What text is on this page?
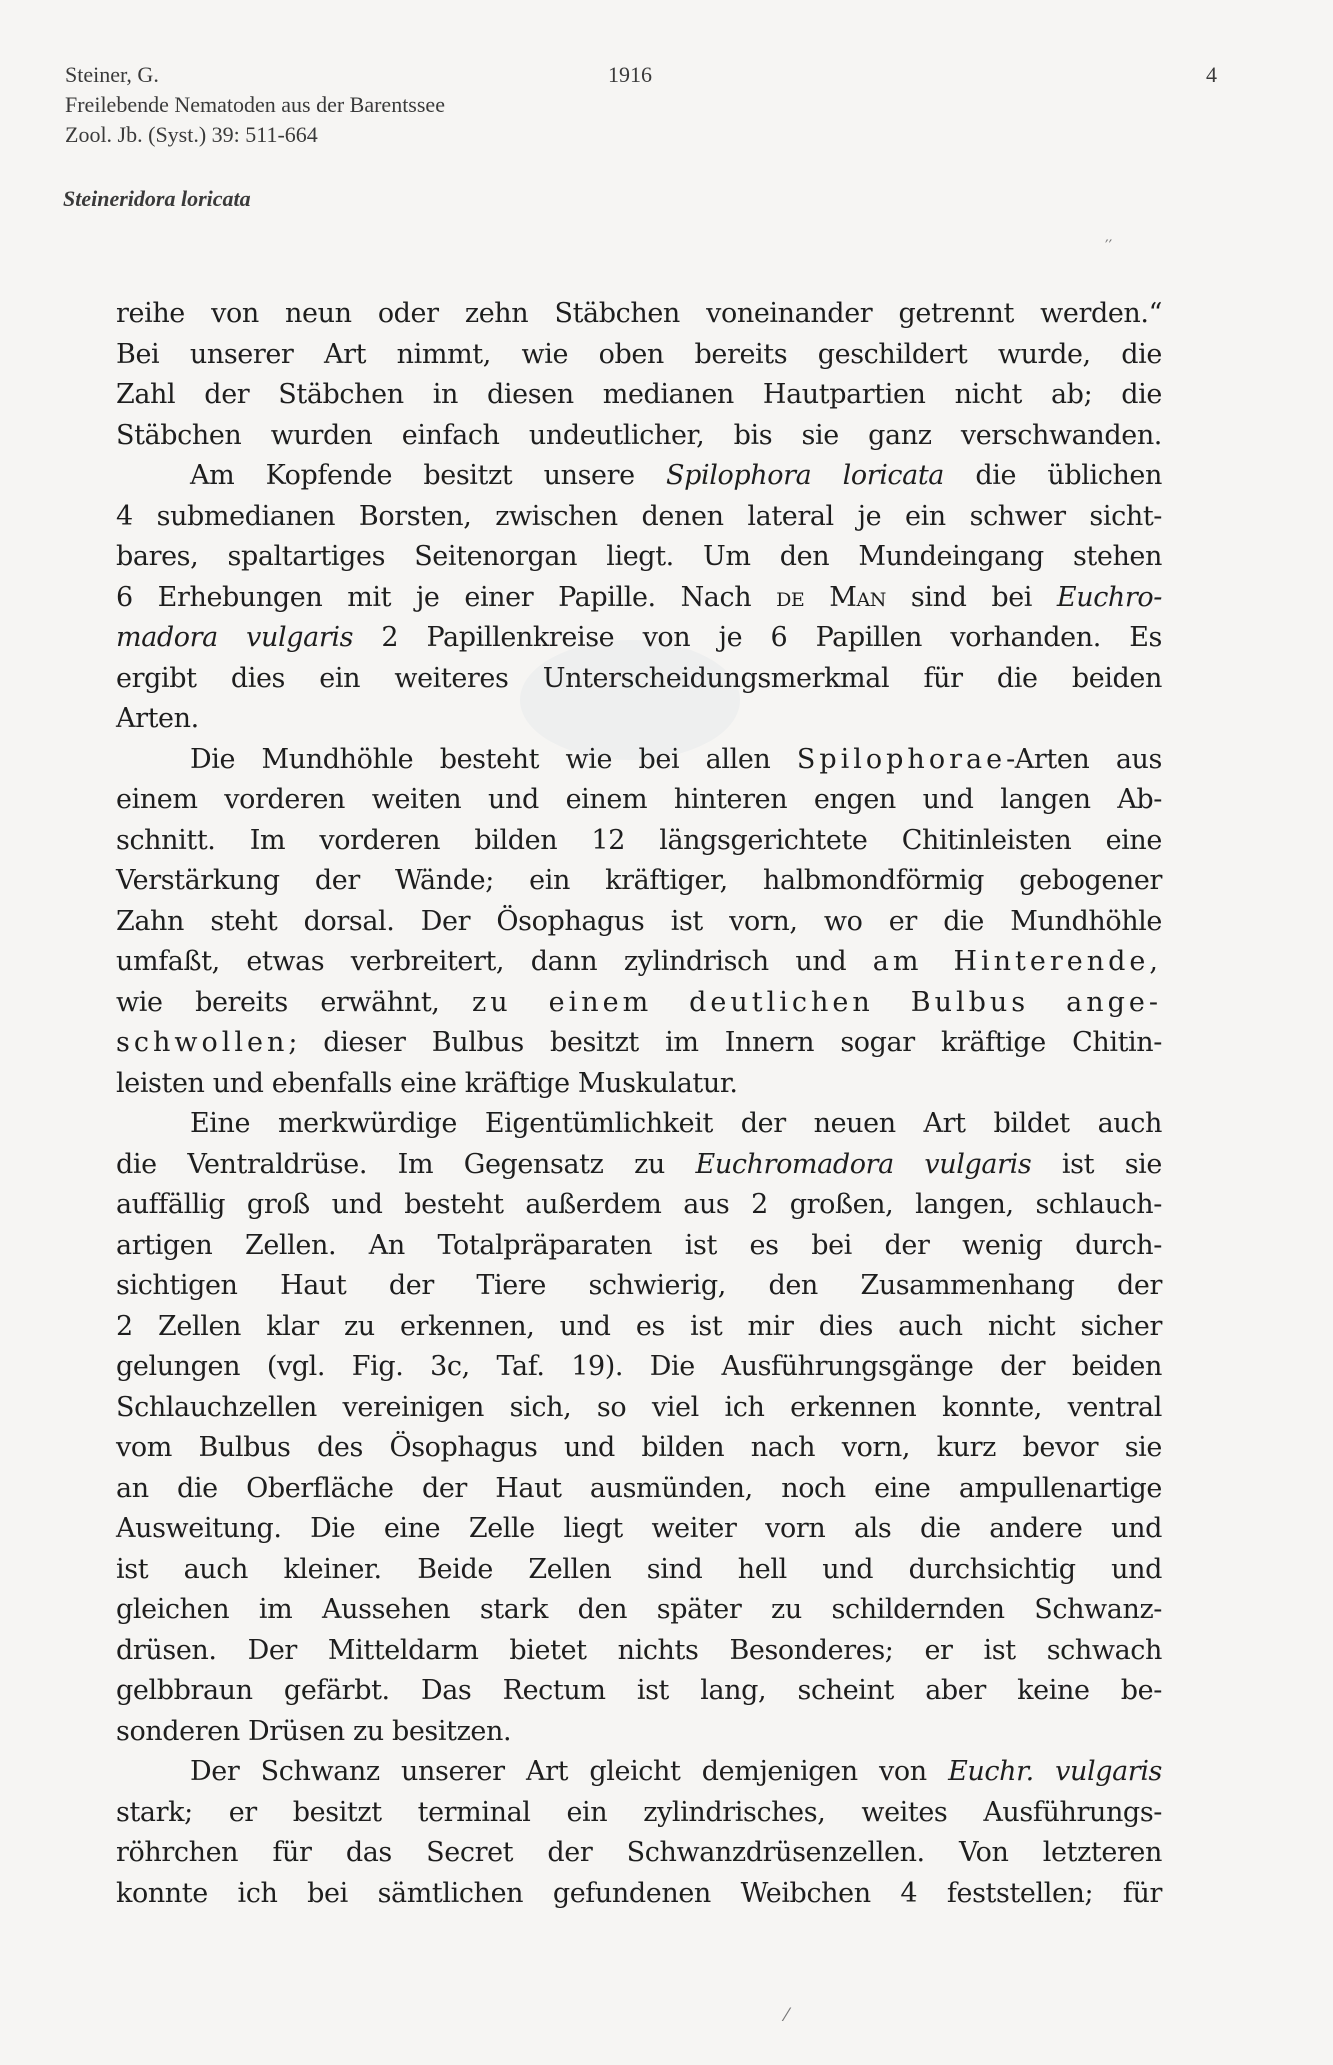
Steiner, G.
Freilebende Nematoden aus der Barentssee
Zool. Jb. (Syst.) 39: 511-664
1916	4
Steineridora loricata
′′
⁄
reihe von neun oder zehn Stäbchen voneinander getrennt werden.“
Bei unserer Art nimmt, wie oben bereits geschildert wurde, die
Zahl der Stäbchen in diesen medianen Hautpartien nicht ab; die
Stäbchen wurden einfach undeutlicher, bis sie ganz verschwanden.
Am Kopfende besitzt unsere Spilophora loricata die üblichen
4 submedianen Borsten, zwischen denen lateral je ein schwer sicht-
bares, spaltartiges Seitenorgan liegt. Um den Mundeingang stehen
6 Erhebungen mit je einer Papille. Nach de Man sind bei Euchro-
madora vulgaris 2 Papillenkreise von je 6 Papillen vorhanden. Es
ergibt dies ein weiteres Unterscheidungsmerkmal für die beiden
Arten.
Die Mundhöhle besteht wie bei allen Spilophorae-Arten aus
einem vorderen weiten und einem hinteren engen und langen Ab-
schnitt. Im vorderen bilden 12 längsgerichtete Chitinleisten eine
Verstärkung der Wände; ein kräftiger, halbmondförmig gebogener
Zahn steht dorsal. Der Ösophagus ist vorn, wo er die Mundhöhle
umfaßt, etwas verbreitert, dann zylindrisch und am Hinterende,
wie bereits erwähnt, zu einem deutlichen Bulbus ange-
schwollen; dieser Bulbus besitzt im Innern sogar kräftige Chitin-
leisten und ebenfalls eine kräftige Muskulatur.
Eine merkwürdige Eigentümlichkeit der neuen Art bildet auch
die Ventraldrüse. Im Gegensatz zu Euchromadora vulgaris ist sie
auffällig groß und besteht außerdem aus 2 großen, langen, schlauch-
artigen Zellen. An Totalpräparaten ist es bei der wenig durch-
sichtigen Haut der Tiere schwierig, den Zusammenhang der
2 Zellen klar zu erkennen, und es ist mir dies auch nicht sicher
gelungen (vgl. Fig. 3c, Taf. 19). Die Ausführungsgänge der beiden
Schlauchzellen vereinigen sich, so viel ich erkennen konnte, ventral
vom Bulbus des Ösophagus und bilden nach vorn, kurz bevor sie
an die Oberfläche der Haut ausmünden, noch eine ampullenartige
Ausweitung. Die eine Zelle liegt weiter vorn als die andere und
ist auch kleiner. Beide Zellen sind hell und durchsichtig und
gleichen im Aussehen stark den später zu schildernden Schwanz-
drüsen. Der Mitteldarm bietet nichts Besonderes; er ist schwach
gelbbraun gefärbt. Das Rectum ist lang, scheint aber keine be-
sonderen Drüsen zu besitzen.
Der Schwanz unserer Art gleicht demjenigen von Euchr. vulgaris
stark; er besitzt terminal ein zylindrisches, weites Ausführungs-
röhrchen für das Secret der Schwanzdrüsenzellen. Von letzteren
konnte ich bei sämtlichen gefundenen Weibchen 4 feststellen; für
